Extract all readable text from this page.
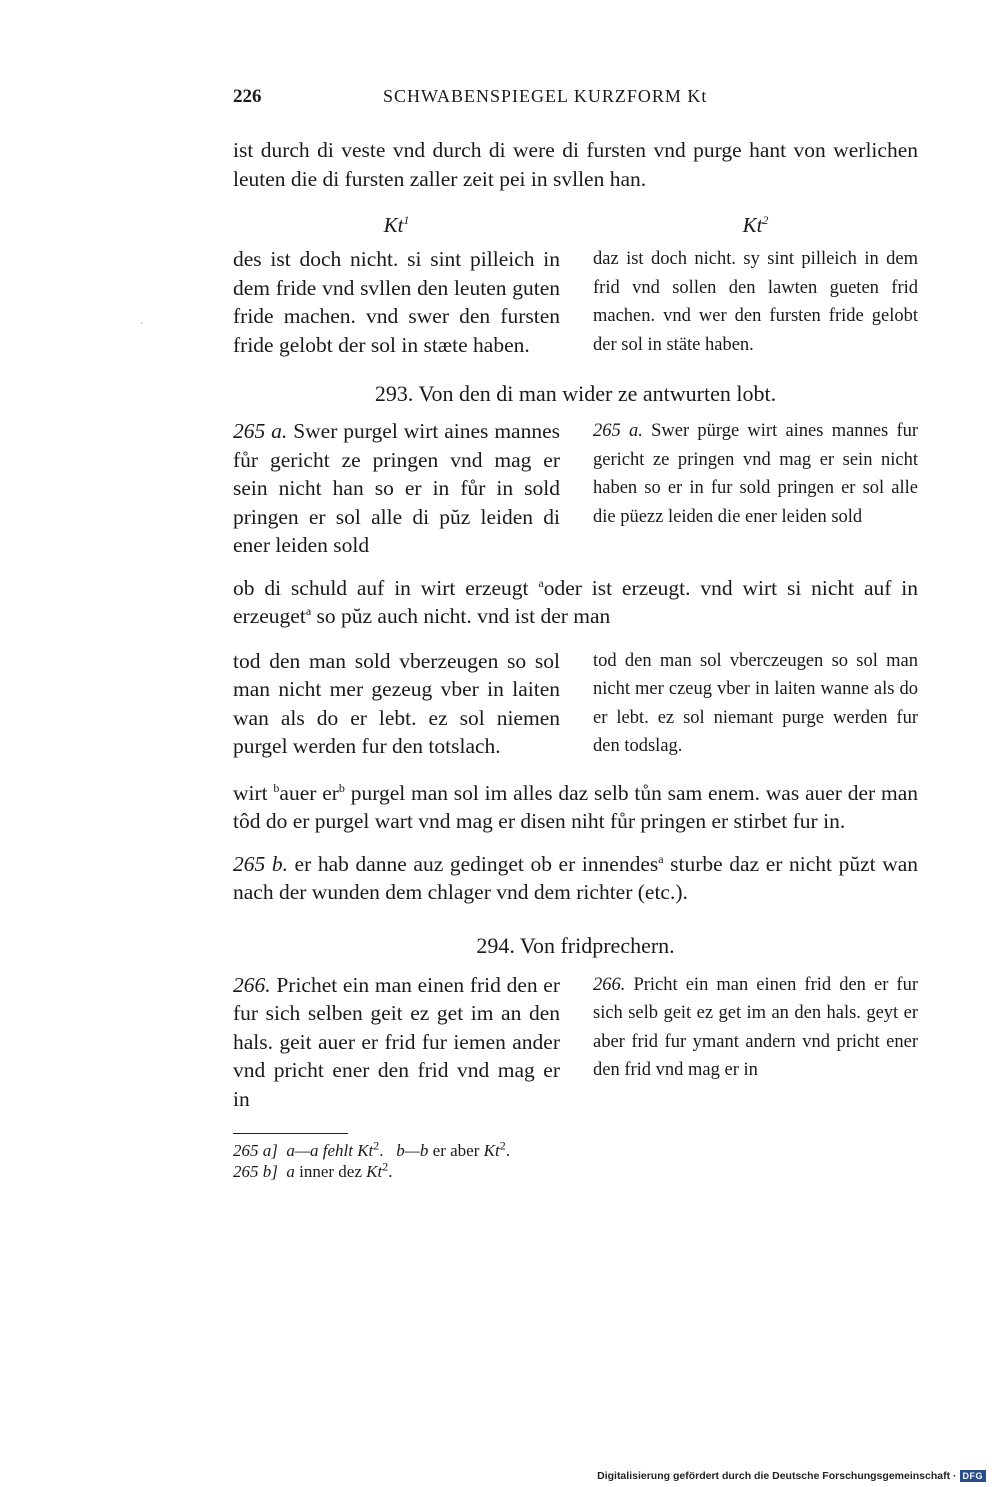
226	SCHWABENSPIEGEL KURZFORM Kt

ist durch di veste vnd durch di were di fursten vnd purge hant von werlichen leuten die di fursten zaller zeit pei in svllen han.

Kt$^1$	Kt$^2$
des ist doch nicht. si sint pilleich in dem fride vnd svllen den leuten guten fride machen. vnd swer den fursten fride gelobt der sol in stæte haben.
daz ist doch nicht. sy sint pilleich in dem frid vnd sollen den lawten gueten frid machen. vnd wer den fursten fride gelobt der sol in stäte haben.
293. Von den di man wider ze antwurten lobt.
265 a. Swer purgel wirt aines mannes fůr gericht ze pringen vnd mag er sein nicht han so er in fůr in sold pringen er sol alle di pŭz leiden di ener leiden sold
265 a. Swer pürge wirt aines mannes fur gericht ze pringen vnd mag er sein nicht haben so er in fur sold pringen er sol alle die püezz leiden die ener leiden sold

ob di schuld auf in wirt erzeugt $^a$oder ist erzeugt. vnd wirt si nicht auf in erzeuget$^a$ so pŭz auch nicht. vnd ist der man

tod den man sold vberzeugen so sol man nicht mer gezeug vber in laiten wan als do er lebt. ez sol niemen purgel werden fur den totslach.
tod den man sol vberczeugen so sol man nicht mer czeug vber in laiten wanne als do er lebt. ez sol niemant purge werden fur den todslag.

wirt $^b$auer $er^b$ purgel man sol im alles daz selb tůn sam enem. was auer der man tôd do er purgel wart vnd mag er disen niht fůr pringen er stirbet fur in.

265 b. er hab danne auz gedinget ob er innendes$^a$ sturbe daz er nicht pŭzt wan nach der wunden dem chlager vnd dem richter (etc.).

294. Von fridprechern.
266. Prichet ein man einen frid den er fur sich selben geit ez get im an den hals. geit auer er frid fur iemen ander vnd pricht ener den frid vnd mag er in
266. Pricht ein man einen frid den er fur sich selb geit ez get im an den hals. geyt er aber frid fur ymant andern vnd pricht ener den frid vnd mag er in
265 a] a—a fehlt Kt$^2$. b—b er aber Kt$^2$.
265 b] a inner dez Kt$^2$.
`
Digitalisierung gefördert durch die Deutsche Forschungsgemeinschaft · DFG
